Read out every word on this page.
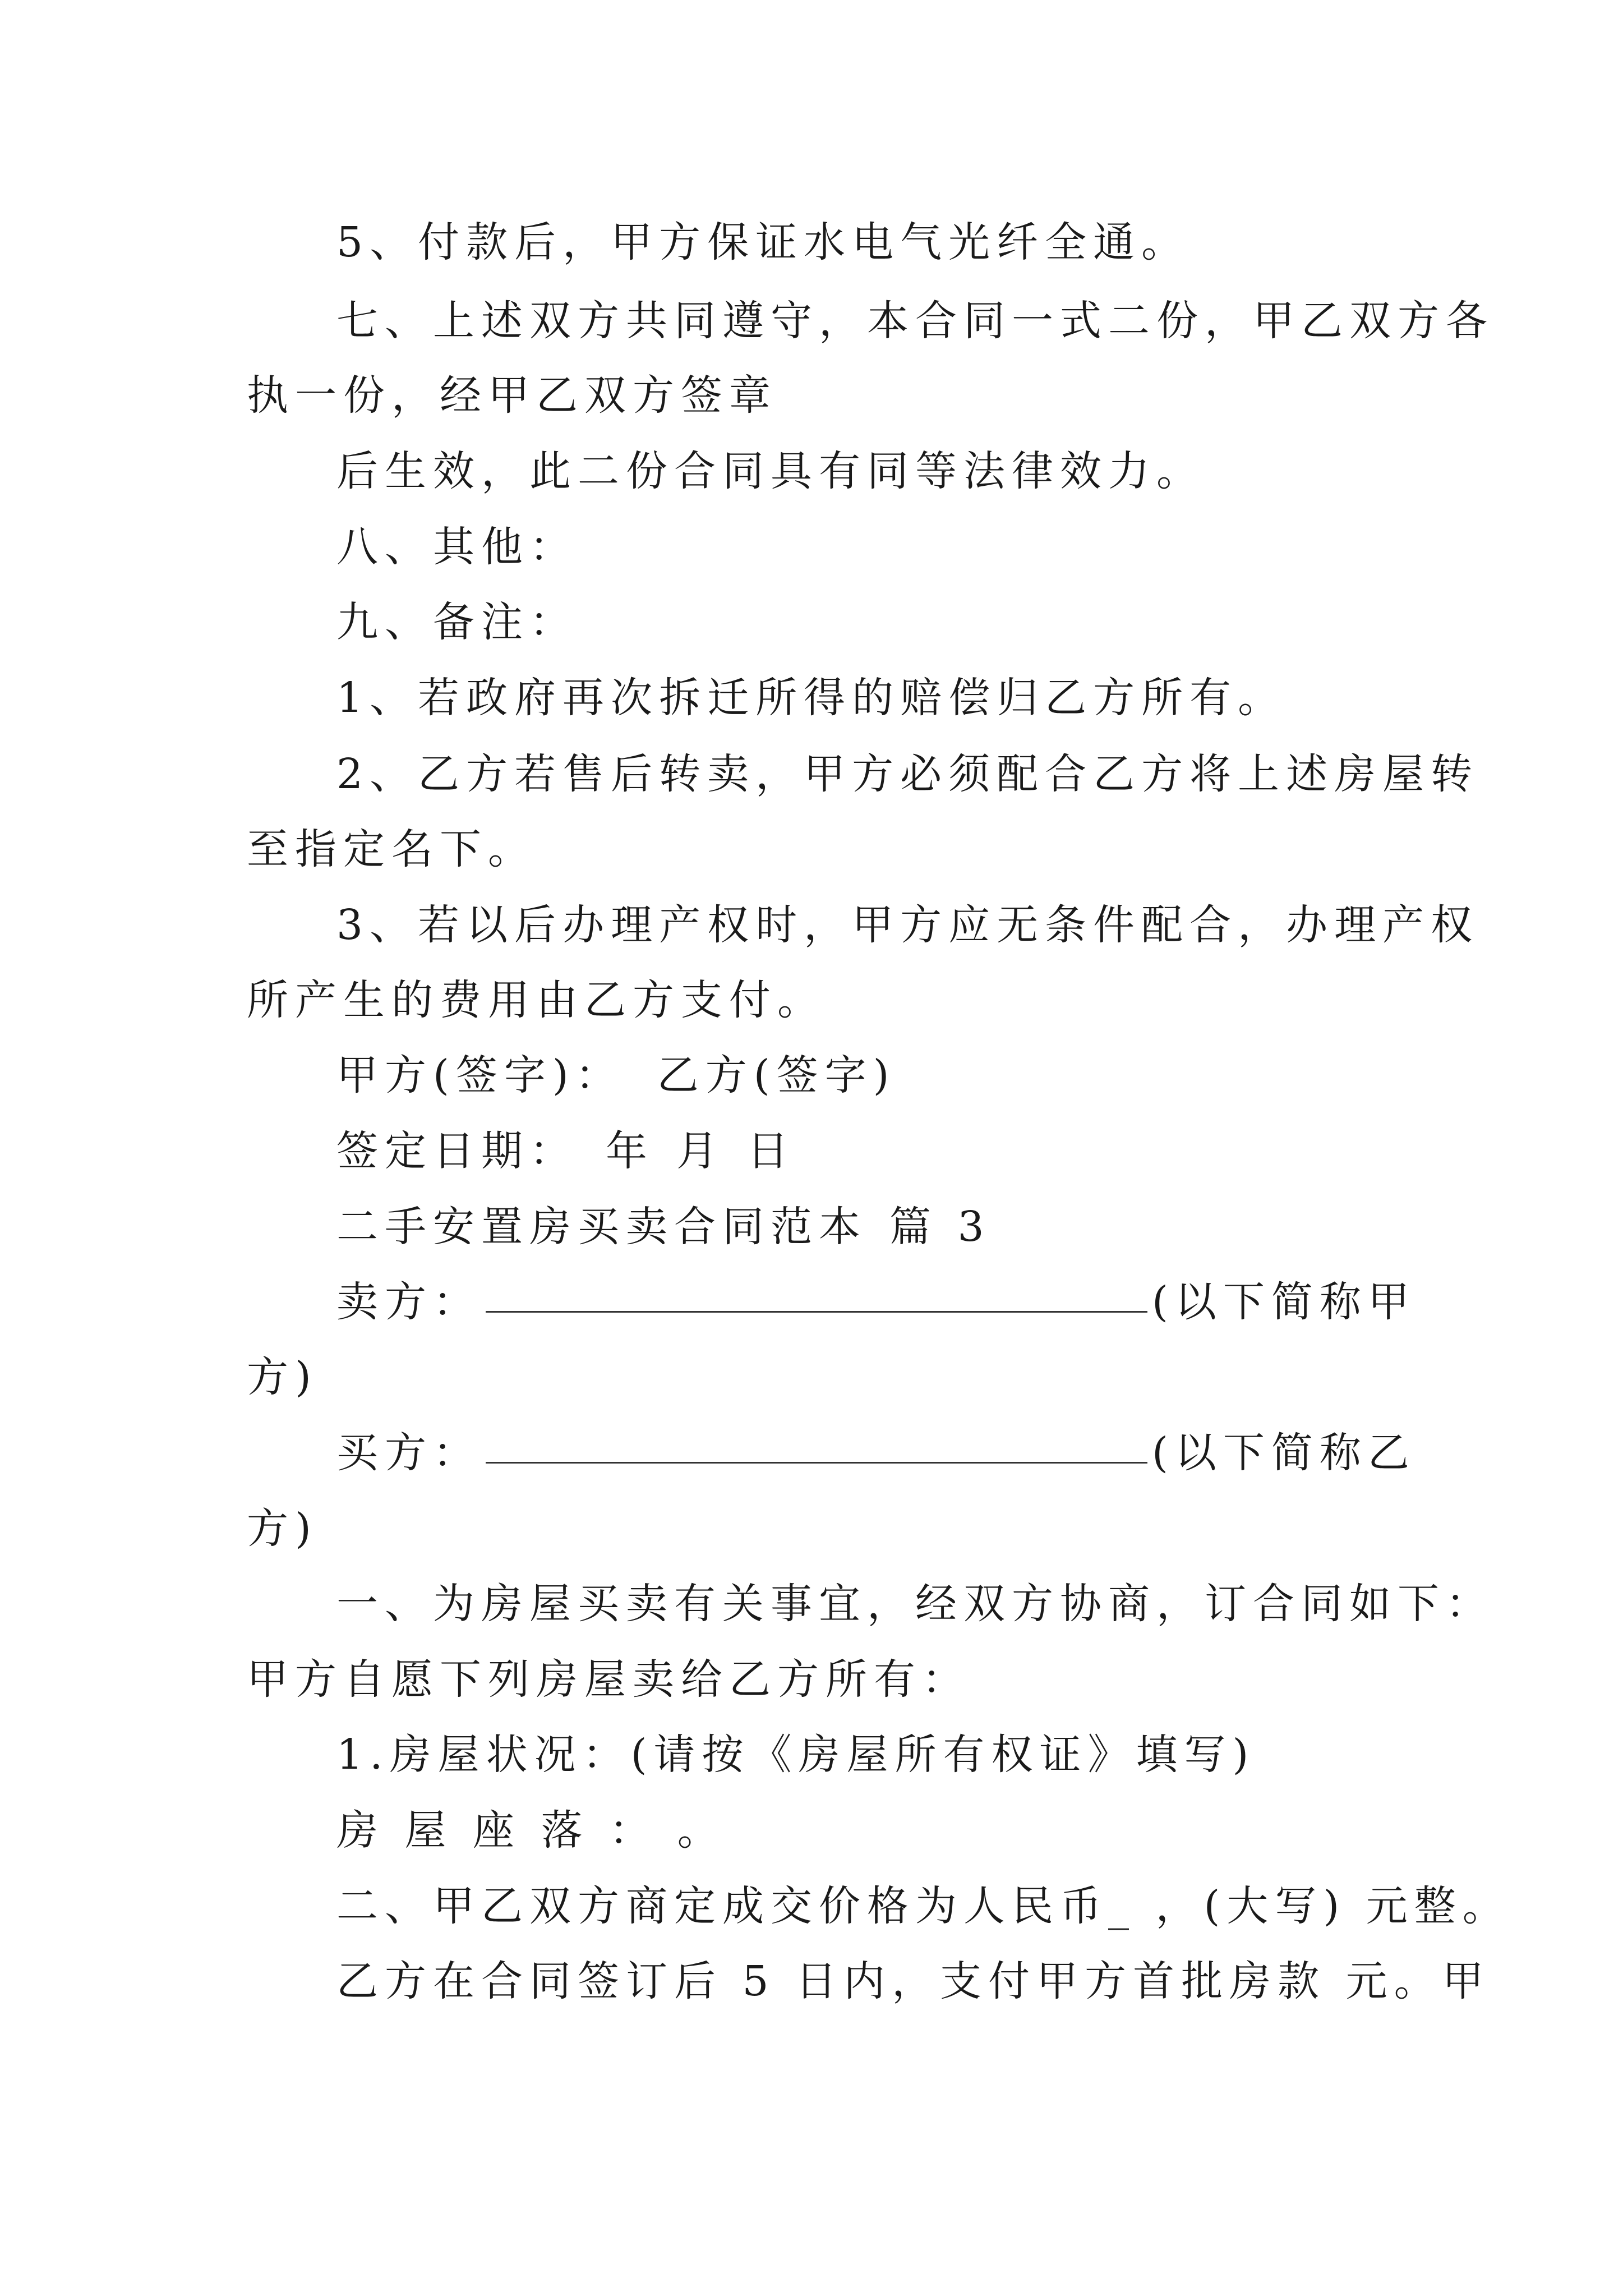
5、付款后，甲方保证水电气光纤全通。
七、上述双方共同遵守，本合同一式二份，甲乙双方各
执一份，经甲乙双方签章
后生效，此二份合同具有同等法律效力。
八、其他：
九、备注：
1、若政府再次拆迁所得的赔偿归乙方所有。
2、乙方若售后转卖，甲方必须配合乙方将上述房屋转
至指定名下。
3、若以后办理产权时，甲方应无条件配合，办理产权
所产生的费用由乙方支付。
甲方(签字)： 乙方(签字)
签定日期： 年 月 日
二手安置房买卖合同范本 篇 3
卖方：	(以下简称甲
方)
买方：	(以下简称乙
方)
一、为房屋买卖有关事宜，经双方协商，订合同如下：
甲方自愿下列房屋卖给乙方所有：
1.房屋状况：(请按《房屋所有权证》填写)
房 屋 座 落 ： 。
二、甲乙双方商定成交价格为人民币_ ，(大写) 元整。
乙方在合同签订后 5 日内，支付甲方首批房款 元。甲
